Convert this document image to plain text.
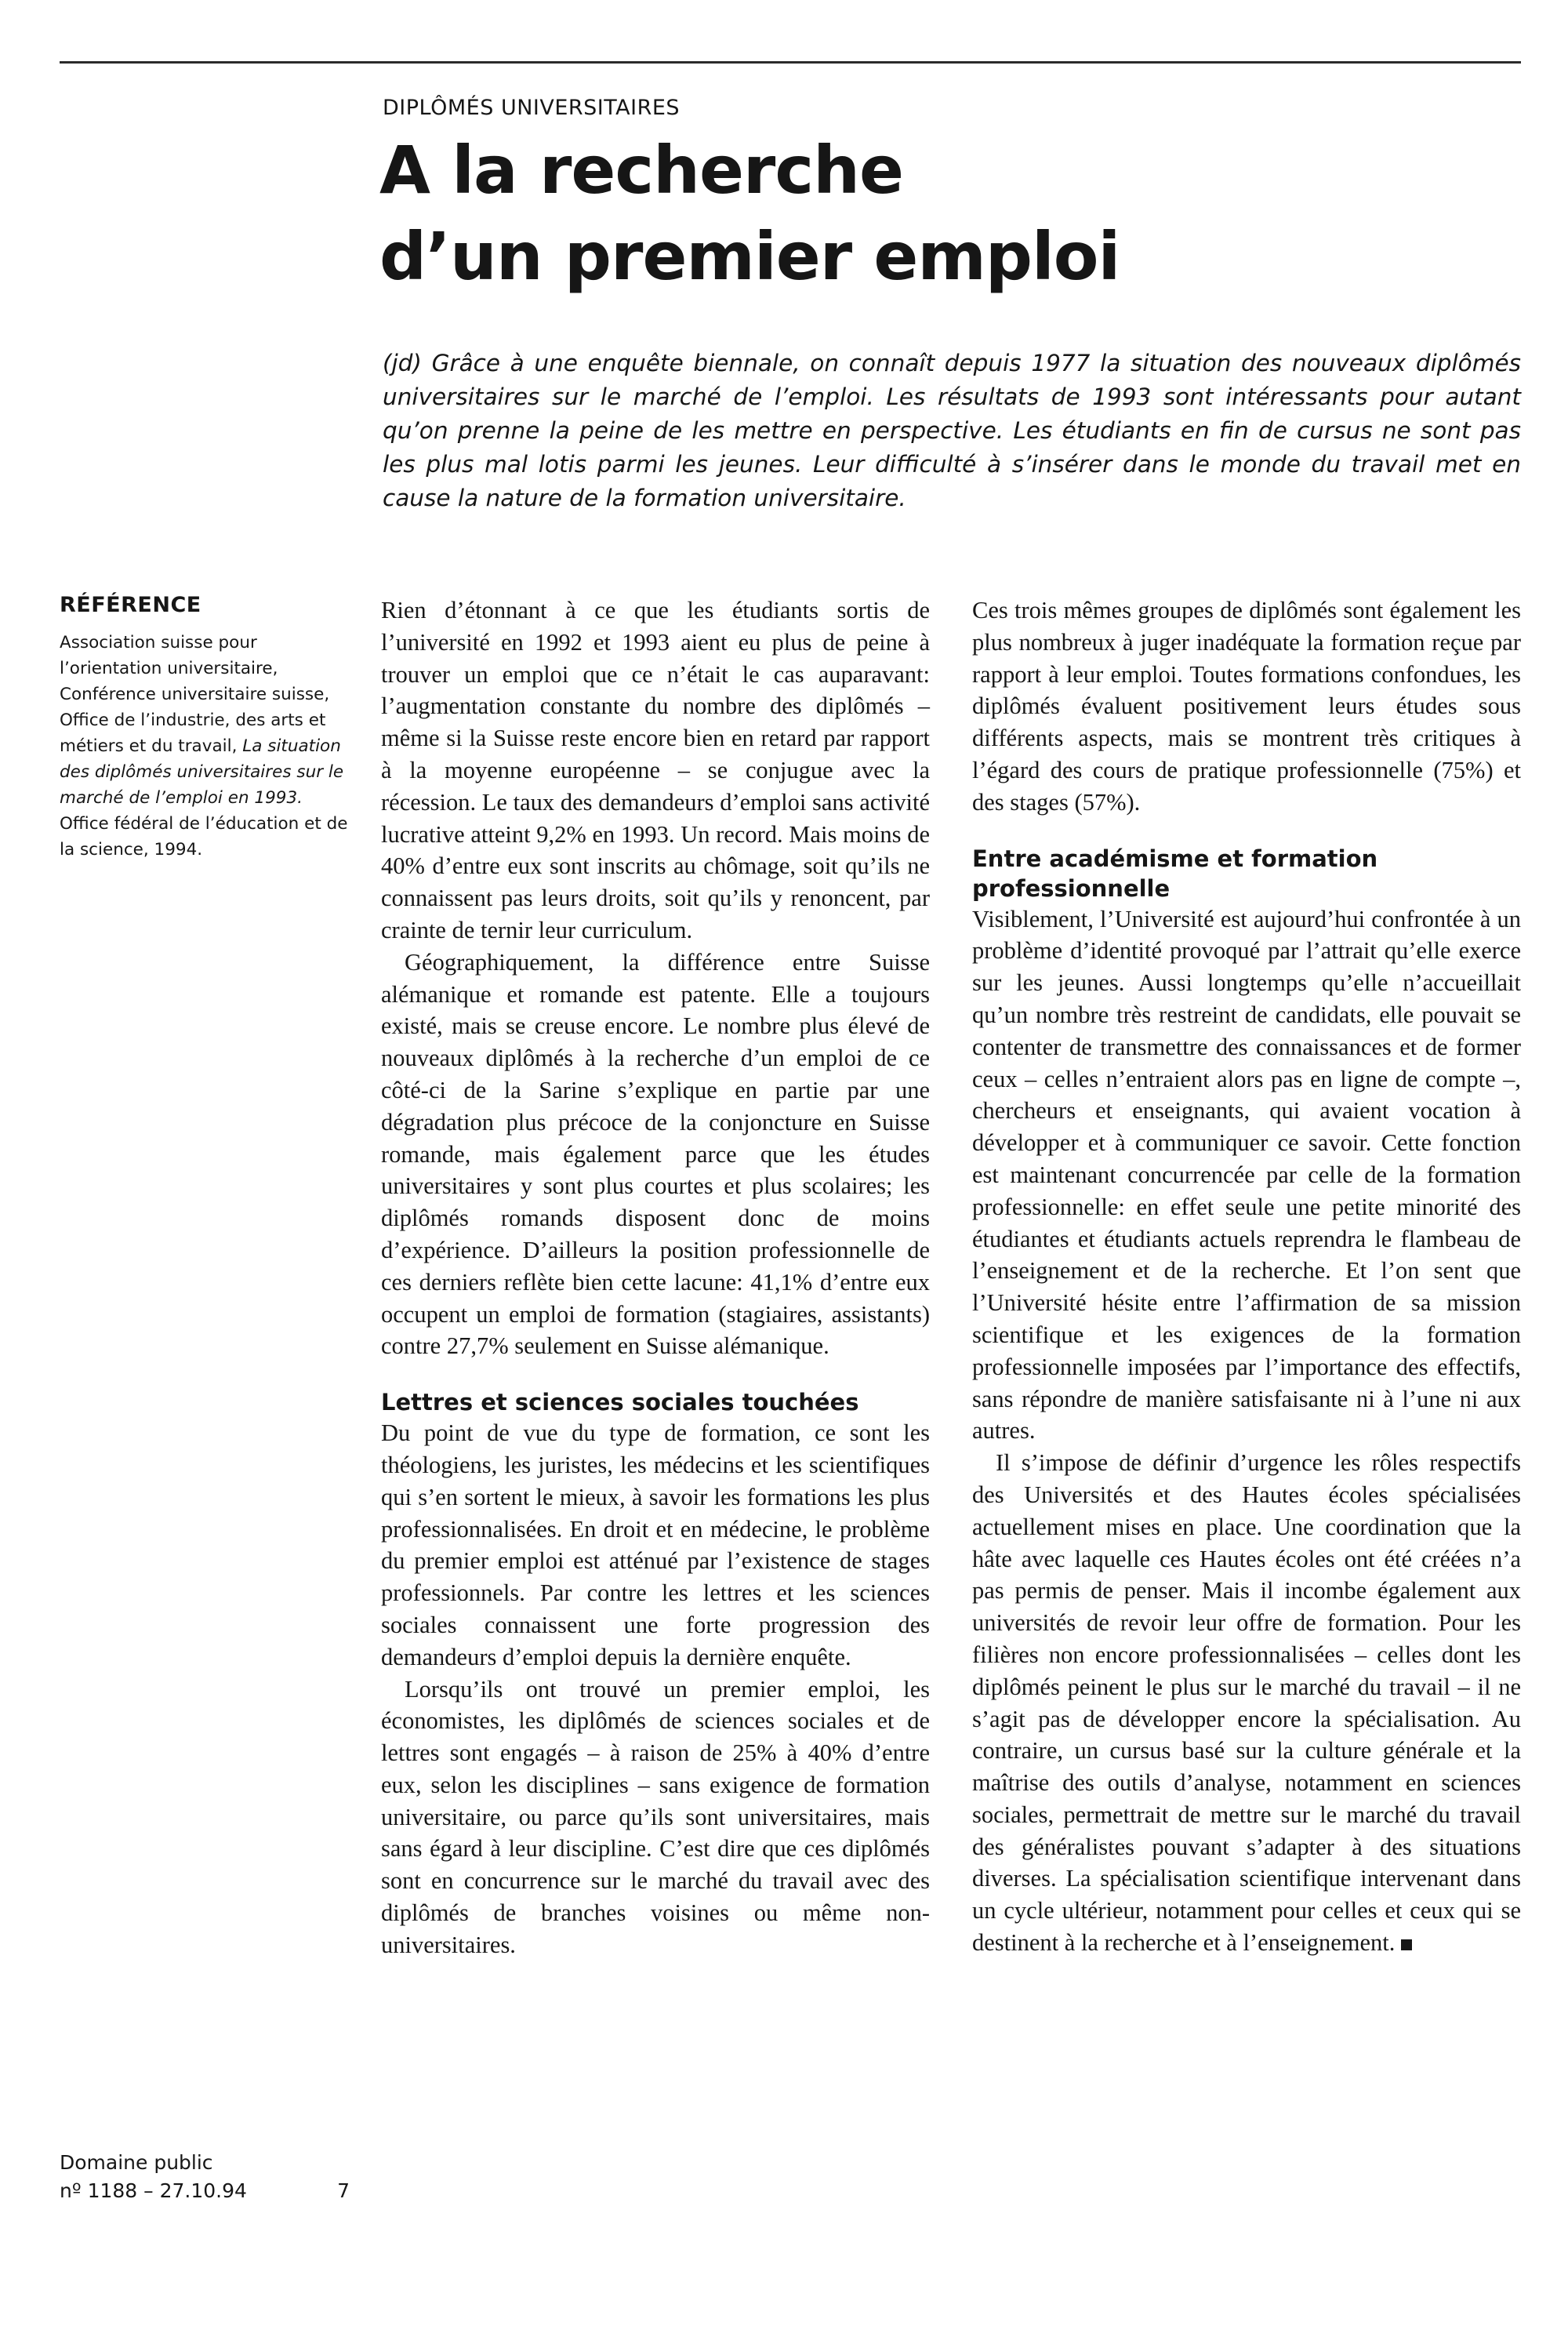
DIPLÔMÉS UNIVERSITAIRES
A la recherche
d’un premier emploi

(jd) Grâce à une enquête biennale, on connaît depuis 1977 la situation des nouveaux diplômés universitaires sur le marché de l’emploi. Les résultats de 1993 sont intéressants pour autant qu’on prenne la peine de les mettre en perspective. Les étudiants en fin de cursus ne sont pas les plus mal lotis parmi les jeunes. Leur difficulté à s’insérer dans le monde du travail met en cause la nature de la formation universitaire.

RÉFÉRENCE

Association suisse pour l’orientation universitaire, Conférence universitaire suisse, Office de l’industrie, des arts et métiers et du travail, La situation des diplômés universitaires sur le marché de l’emploi en 1993.

Office fédéral de l’éducation et de la science, 1994.

Domaine public
nº 1188 – 27.10.94	7

Rien d’étonnant à ce que les étudiants sortis de l’université en 1992 et 1993 aient eu plus de peine à trouver un emploi que ce n’était le cas auparavant: l’augmentation constante du nombre des diplômés – même si la Suisse reste encore bien en retard par rapport à la moyenne européenne – se conjugue avec la récession. Le taux des demandeurs d’emploi sans activité lucrative atteint 9,2% en 1993. Un record. Mais moins de 40% d’entre eux sont inscrits au chômage, soit qu’ils ne connaissent pas leurs droits, soit qu’ils y renoncent, par crainte de ternir leur curriculum.

Géographiquement, la différence entre Suisse alémanique et romande est patente. Elle a toujours existé, mais se creuse encore. Le nombre plus élevé de nouveaux diplômés à la recherche d’un emploi de ce côté-ci de la Sarine s’explique en partie par une dégradation plus précoce de la conjoncture en Suisse romande, mais également parce que les études universitaires y sont plus courtes et plus scolaires; les diplômés romands disposent donc de moins d’expérience. D’ailleurs la position professionnelle de ces derniers reflète bien cette lacune: 41,1% d’entre eux occupent un emploi de formation (stagiaires, assistants) contre 27,7% seulement en Suisse alémanique.

Lettres et sciences sociales touchées

Du point de vue du type de formation, ce sont les théologiens, les juristes, les médecins et les scientifiques qui s’en sortent le mieux, à savoir les formations les plus professionnalisées. En droit et en médecine, le problème du premier emploi est atténué par l’existence de stages professionnels. Par contre les lettres et les sciences sociales connaissent une forte progression des demandeurs d’emploi depuis la dernière enquête.

Lorsqu’ils ont trouvé un premier emploi, les économistes, les diplômés de sciences sociales et de lettres sont engagés – à raison de 25% à 40% d’entre eux, selon les disciplines – sans exigence de formation universitaire, ou parce qu’ils sont universitaires, mais sans égard à leur discipline. C’est dire que ces diplômés sont en concurrence sur le marché du travail avec des diplômés de branches voisines ou même non-universitaires.

Ces trois mêmes groupes de diplômés sont également les plus nombreux à juger inadéquate la formation reçue par rapport à leur emploi. Toutes formations confondues, les diplômés évaluent positivement leurs études sous différents aspects, mais se montrent très critiques à l’égard des cours de pratique professionnelle (75%) et des stages (57%).

Entre académisme et formation professionnelle

Visiblement, l’Université est aujourd’hui confrontée à un problème d’identité provoqué par l’attrait qu’elle exerce sur les jeunes. Aussi longtemps qu’elle n’accueillait qu’un nombre très restreint de candidats, elle pouvait se contenter de transmettre des connaissances et de former ceux – celles n’entraient alors pas en ligne de compte –, chercheurs et enseignants, qui avaient vocation à développer et à communiquer ce savoir. Cette fonction est maintenant concurrencée par celle de la formation professionnelle: en effet seule une petite minorité des étudiantes et étudiants actuels reprendra le flambeau de l’enseignement et de la recherche. Et l’on sent que l’Université hésite entre l’affirmation de sa mission scientifique et les exigences de la formation professionnelle imposées par l’importance des effectifs, sans répondre de manière satisfaisante ni à l’une ni aux autres.

Il s’impose de définir d’urgence les rôles respectifs des Universités et des Hautes écoles spécialisées actuellement mises en place. Une coordination que la hâte avec laquelle ces Hautes écoles ont été créées n’a pas permis de penser. Mais il incombe également aux universités de revoir leur offre de formation. Pour les filières non encore professionnalisées – celles dont les diplômés peinent le plus sur le marché du travail – il ne s’agit pas de développer encore la spécialisation. Au contraire, un cursus basé sur la culture générale et la maîtrise des outils d’analyse, notamment en sciences sociales, permettrait de mettre sur le marché du travail des généralistes pouvant s’adapter à des situations diverses. La spécialisation scientifique intervenant dans un cycle ultérieur, notamment pour celles et ceux qui se destinent à la recherche et à l’enseignement.
